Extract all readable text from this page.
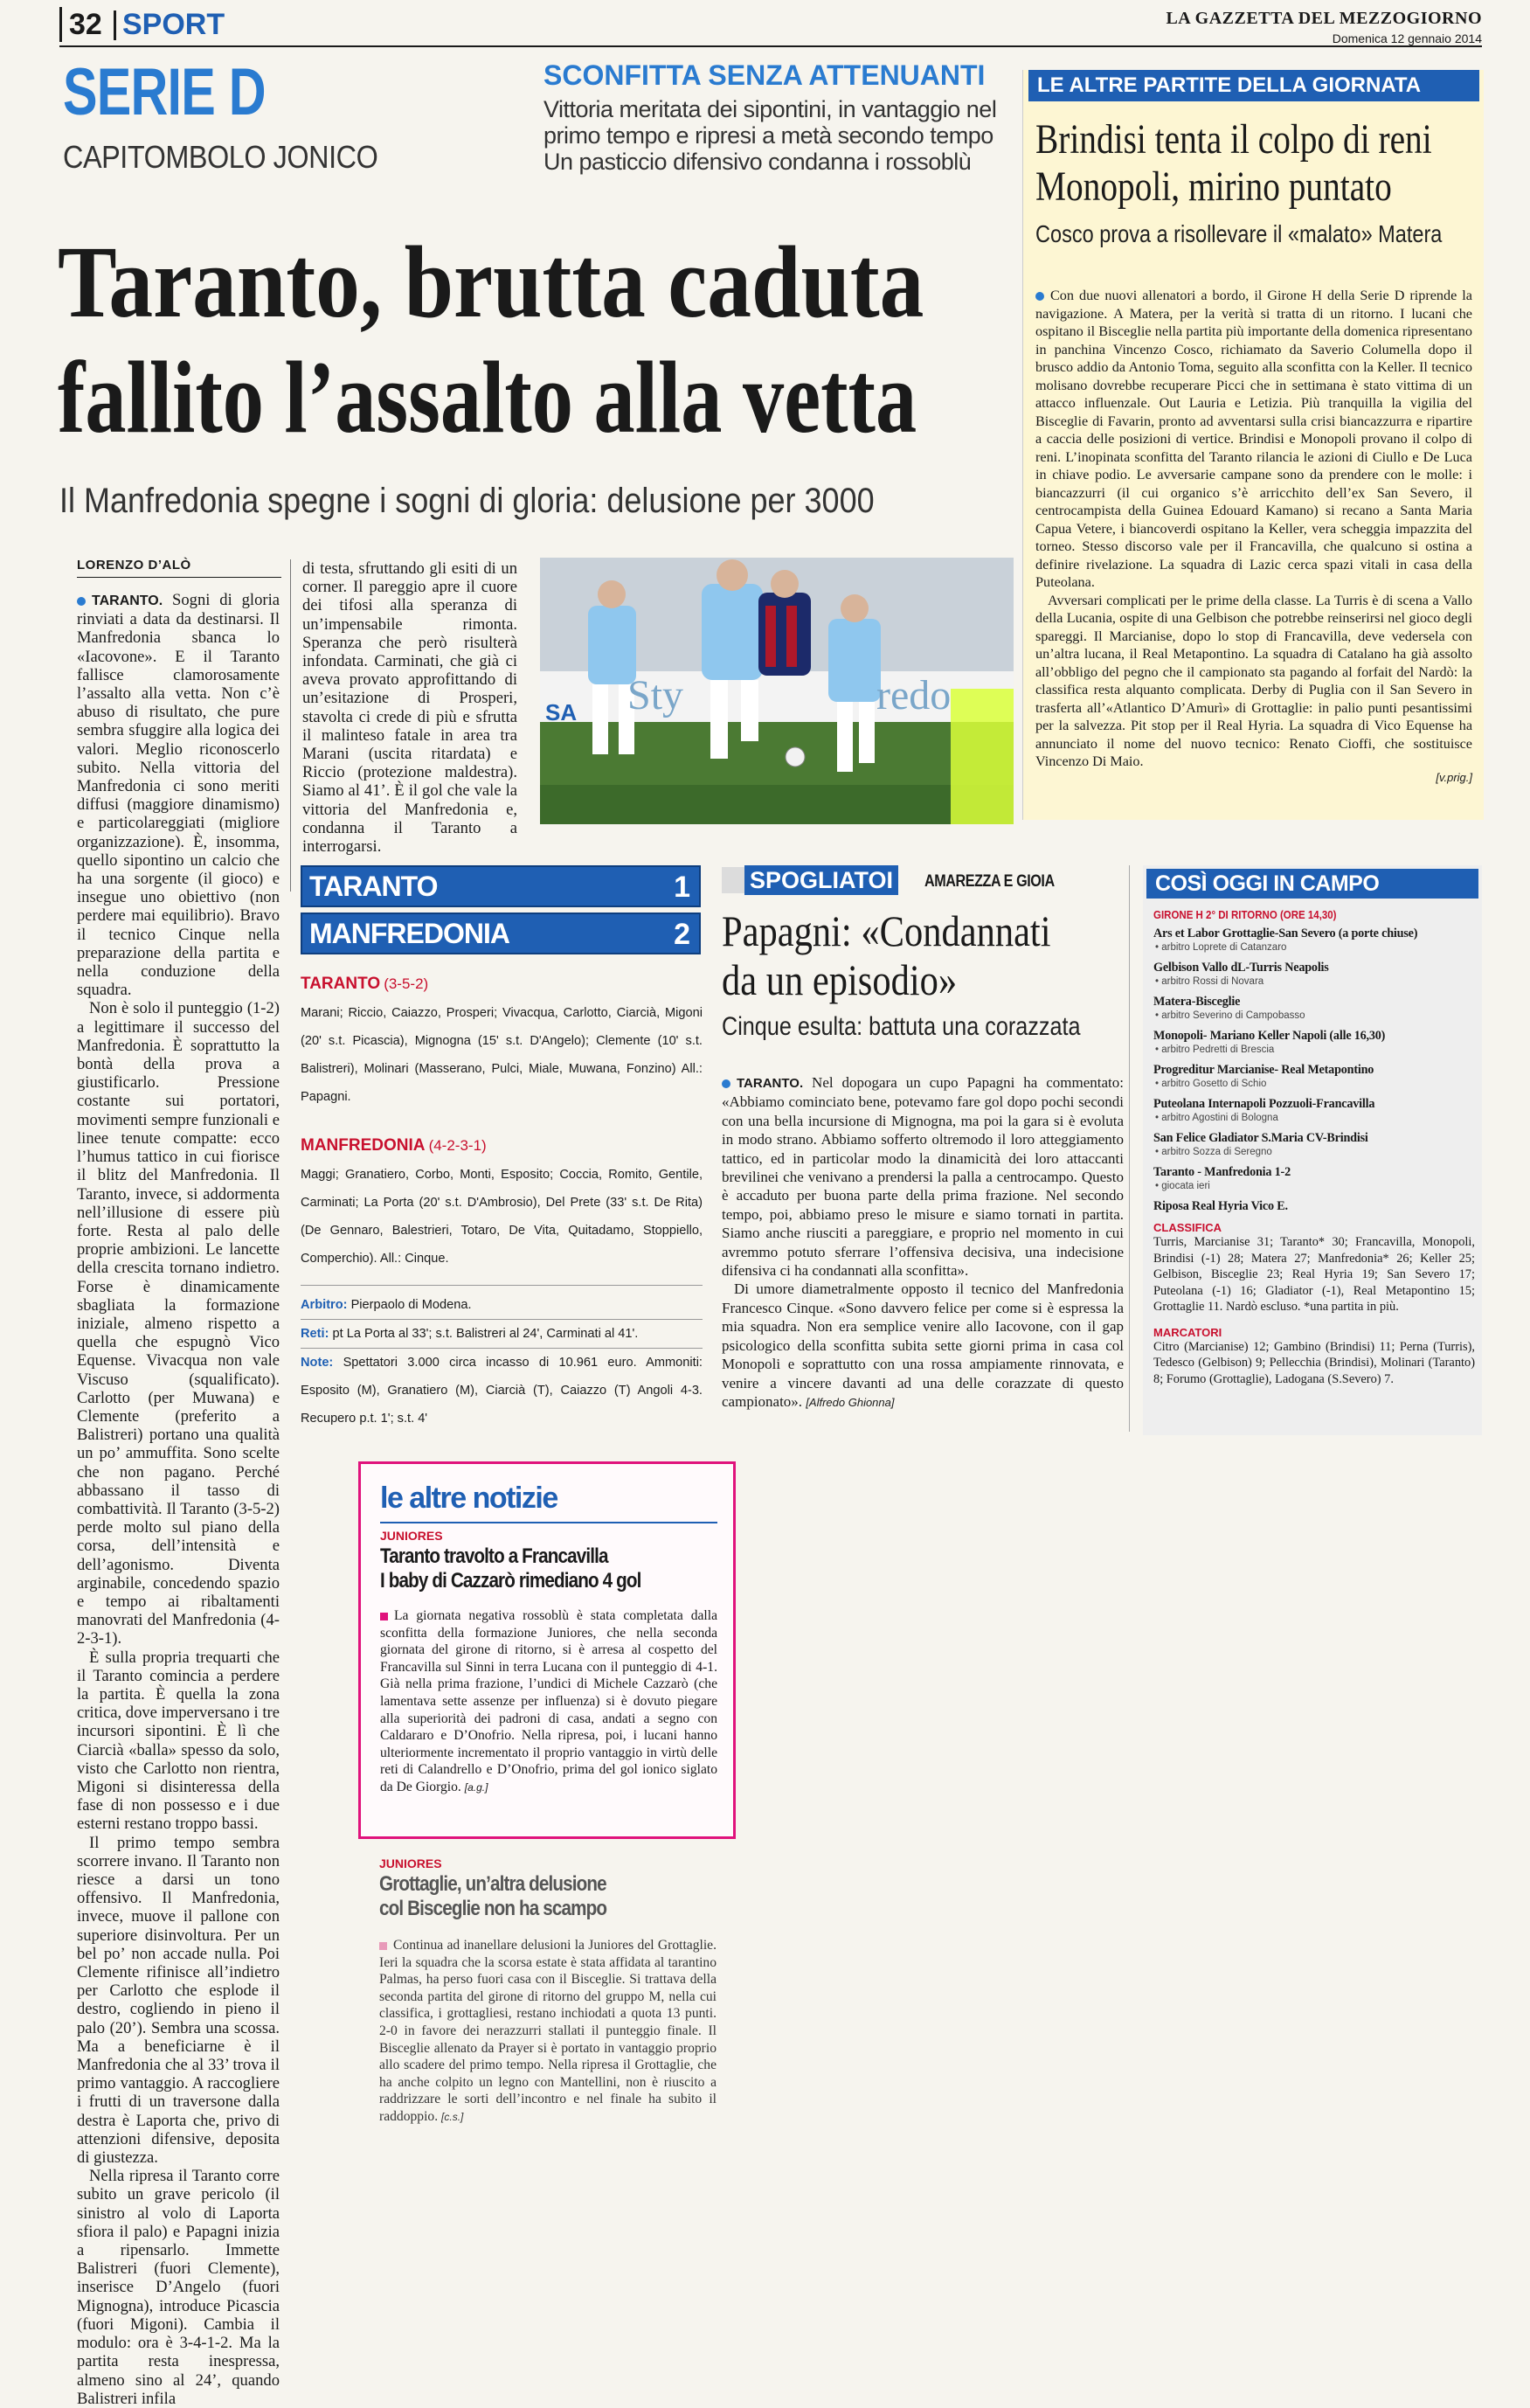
32 SPORT	LA GAZZETTA DEL MEZZOGIORNO
Domenica 12 gennaio 2014
SERIE D
CAPITOMBOLO JONICO
SCONFITTA SENZA ATTENUANTI
Vittoria meritata dei sipontini, in vantaggio nel
primo tempo e ripresi a metà secondo tempo
Un pasticcio difensivo condanna i rossoblù
Taranto, brutta caduta
fallito l’assalto alla vetta
Il Manfredonia spegne i sogni di gloria: delusione per 3000
LORENZO D’ALÒ

TARANTO. Sogni di gloria rinviati a data da destinarsi. Il Manfredonia sbanca lo «Iacovone». E il Taranto fallisce clamorosamente l’assalto alla vetta. Non c’è abuso di risultato, che pure sembra sfuggire alla logica dei valori. Meglio riconoscerlo subito. Nella vittoria del Manfredonia ci sono meriti diffusi (maggiore dinamismo) e particolareggiati (migliore organizzazione). È, insomma, quello sipontino un calcio che ha una sorgente (il gioco) e insegue uno obiettivo (non perdere mai equilibrio). Bravo il tecnico Cinque nella preparazione della partita e nella conduzione della squadra.

Non è solo il punteggio (1-2) a legittimare il successo del Manfredonia. È soprattutto la bontà della prova a giustificarlo. Pressione costante sui portatori, movimenti sempre funzionali e linee tenute compatte: ecco l’humus tattico in cui fiorisce il blitz del Manfredonia. Il Taranto, invece, si addormenta nell’illusione di essere più forte. Resta al palo delle proprie ambizioni. Le lancette della crescita tornano indietro. Forse è dinamicamente sbagliata la formazione iniziale, almeno rispetto a quella che espugnò Vico Equense. Vivacqua non vale Viscuso (squalificato). Carlotto (per Muwana) e Clemente (preferito a Balistreri) portano una qualità un po’ ammuffita. Sono scelte che non pagano. Perché abbassano il tasso di combattività. Il Taranto (3-5-2) perde molto sul piano della corsa, dell’intensità e dell’agonismo. Diventa arginabile, concedendo spazio e tempo ai ribaltamenti manovrati del Manfredonia (4-2-3-1).

È sulla propria trequarti che il Taranto comincia a perdere la partita. È quella la zona critica, dove imperversano i tre incursori sipontini. È lì che Ciarcià «balla» spesso da solo, visto che Carlotto non rientra, Migoni si disinteressa della fase di non possesso e i due esterni restano troppo bassi.

Il primo tempo sembra scorrere invano. Il Taranto non riesce a darsi un tono offensivo. Il Manfredonia, invece, muove il pallone con superiore disinvoltura. Per un bel po’ non accade nulla. Poi Clemente rifinisce all’indietro per Carlotto che esplode il destro, cogliendo in pieno il palo (20’). Sembra una scossa. Ma a beneficiarne è il Manfredonia che al 33’ trova il primo vantaggio. A raccogliere i frutti di un traversone dalla destra è Laporta che, privo di attenzioni difensive, deposita di giustezza.

Nella ripresa il Taranto corre subito un grave pericolo (il sinistro al volo di Laporta sfiora il palo) e Papagni inizia a ripensarlo. Immette Balistreri (fuori Clemente), inserisce D’Angelo (fuori Mignogna), introduce Picascia (fuori Migoni). Cambia il modulo: ora è 3-4-1-2. Ma la partita resta inespressa, almeno sino al 24’, quando Balistreri infila

di testa, sfruttando gli esiti di un corner. Il pareggio apre il cuore dei tifosi alla speranza di un’impensabile rimonta. Speranza che però risulterà infondata. Carminati, che già ci aveva provato approfittando di un’esitazione di Prosperi, stavolta ci crede di più e sfrutta il malinteso fatale in area tra Marani (uscita ritardata) e Riccio (protezione maldestra). Siamo al 41’. È il gol che vale la vittoria del Manfredonia e, condanna il Taranto a interrogarsi.

SA Sty	redo
LE ALTRE PARTITE DELLA GIORNATA
Brindisi tenta il colpo di reni
Monopoli, mirino puntato
Cosco prova a risollevare il «malato» Matera

Con due nuovi allenatori a bordo, il Girone H della Serie D riprende la navigazione. A Matera, per la verità si tratta di un ritorno. I lucani che ospitano il Bisceglie nella partita più importante della domenica ripresentano in panchina Vincenzo Cosco, richiamato da Saverio Columella dopo il brusco addio da Antonio Toma, seguito alla sconfitta con la Keller. Il tecnico molisano dovrebbe recuperare Picci che in settimana è stato vittima di un attacco influenzale. Out Lauria e Letizia. Più tranquilla la vigilia del Bisceglie di Favarin, pronto ad avventarsi sulla crisi biancazzurra e ripartire a caccia delle posizioni di vertice. Brindisi e Monopoli provano il colpo di reni. L’inopinata sconfitta del Taranto rilancia le azioni di Ciullo e De Luca in chiave podio. Le avversarie campane sono da prendere con le molle: i biancazzurri (il cui organico s’è arricchito dell’ex San Severo, il centrocampista della Guinea Edouard Kamano) si recano a Santa Maria Capua Vetere, i biancoverdi ospitano la Keller, vera scheggia impazzita del torneo. Stesso discorso vale per il Francavilla, che qualcuno si ostina a definire rivelazione. La squadra di Lazic cerca spazi vitali in casa della Puteolana.

Avversari complicati per le prime della classe. La Turris è di scena a Vallo della Lucania, ospite di una Gelbison che potrebbe reinserirsi nel gioco degli spareggi. Il Marcianise, dopo lo stop di Francavilla, deve vedersela con un’altra lucana, il Real Metapontino. La squadra di Catalano ha già assolto all’obbligo del pegno che il campionato sta pagando al forfait del Nardò: la classifica resta alquanto complicata. Derby di Puglia con il San Severo in trasferta all’«Atlantico D’Amurì» di Grottaglie: in palio punti pesantissimi per la salvezza. Pit stop per il Real Hyria. La squadra di Vico Equense ha annunciato il nome del nuovo tecnico: Renato Cioffi, che sostituisce Vincenzo Di Maio.

[v.prig.]
TARANTO	1
MANFREDONIA	2
TARANTO (3-5-2)
Marani; Riccio, Caiazzo, Prosperi; Vivacqua, Carlotto, Ciarcià, Migoni (20' s.t. Picascia), Mignogna (15' s.t. D'Angelo); Clemente (10' s.t. Balistreri), Molinari (Masserano, Pulci, Miale, Muwana, Fonzino) All.: Papagni.
MANFREDONIA (4-2-3-1)
Maggi; Granatiero, Corbo, Monti, Esposito; Coccia, Romito, Gentile, Carminati; La Porta (20' s.t. D'Ambrosio), Del Prete (33' s.t. De Rita) (De Gennaro, Balestrieri, Totaro, De Vita, Quitadamo, Stoppiello, Comperchio). All.: Cinque.
Arbitro: Pierpaolo di Modena.
Reti: pt La Porta al 33'; s.t. Balistreri al 24', Carminati al 41'.
Note: Spettatori 3.000 circa incasso di 10.961 euro. Ammoniti: Esposito (M), Granatiero (M), Ciarcià (T), Caiazzo (T) Angoli 4-3. Recupero p.t. 1'; s.t. 4'
SPOGLIATOI	AMAREZZA E GIOIA
Papagni: «Condannati
da un episodio»
Cinque esulta: battuta una corazzata

TARANTO. Nel dopogara un cupo Papagni ha commentato: «Abbiamo cominciato bene, potevamo fare gol dopo pochi secondi con una bella incursione di Mignogna, ma poi la gara si è evoluta in modo strano. Abbiamo sofferto oltremodo il loro atteggiamento tattico, ed in particolar modo la dinamicità dei loro attaccanti brevilinei che venivano a prendersi la palla a centrocampo. Questo è accaduto per buona parte della prima frazione. Nel secondo tempo, poi, abbiamo preso le misure e siamo tornati in partita. Siamo anche riusciti a pareggiare, e proprio nel momento in cui avremmo potuto sferrare l’offensiva decisiva, una indecisione difensiva ci ha condannati alla sconfitta».

Di umore diametralmente opposto il tecnico del Manfredonia Francesco Cinque. «Sono davvero felice per come si è espressa la mia squadra. Non era semplice venire allo Iacovone, con il gap psicologico della sconfitta subita sette giorni prima in casa col Monopoli e soprattutto con una rossa ampiamente rinnovata, e venire a vincere davanti ad una delle corazzate di questo campionato». [Alfredo Ghionna]

COSÌ OGGI IN CAMPO
GIRONE H 2° DI RITORNO (ORE 14,30)
Ars et Labor Grottaglie-San Severo (a porte chiuse)
• arbitro Loprete di Catanzaro
Gelbison Vallo dL-Turris Neapolis
• arbitro Rossi di Novara
Matera-Bisceglie
• arbitro Severino di Campobasso
Monopoli- Mariano Keller Napoli (alle 16,30)
• arbitro Pedretti di Brescia
Progreditur Marcianise- Real Metapontino
• arbitro Gosetto di Schio
Puteolana Internapoli Pozzuoli-Francavilla
• arbitro Agostini di Bologna
San Felice Gladiator S.Maria CV-Brindisi
• arbitro Sozza di Seregno
Taranto - Manfredonia 1-2
• giocata ieri
Riposa Real Hyria Vico E.
CLASSIFICA
Turris, Marcianise 31; Taranto* 30; Francavilla, Monopoli, Brindisi (-1) 28; Matera 27; Manfredonia* 26; Keller 25; Gelbison, Bisceglie 23; Real Hyria 19; San Severo 17; Puteolana (-1) 16; Gladiator (-1), Real Metapontino 15; Grottaglie 11. Nardò escluso. *una partita in più.
MARCATORI
Citro (Marcianise) 12; Gambino (Brindisi) 11; Perna (Turris), Tedesco (Gelbison) 9; Pellecchia (Brindisi), Molinari (Taranto) 8; Forumo (Grottaglie), Ladogana (S.Severo) 7.
le altre notizie
JUNIORES
Taranto travolto a Francavilla
I baby di Cazzarò rimediano 4 gol

La giornata negativa rossoblù è stata completata dalla sconfitta della formazione Juniores, che nella seconda giornata del girone di ritorno, si è arresa al cospetto del Francavilla sul Sinni in terra Lucana con il punteggio di 4-1. Già nella prima frazione, l’undici di Michele Cazzarò (che lamentava sette assenze per influenza) si è dovuto piegare alla superiorità dei padroni di casa, andati a segno con Caldararo e D’Onofrio. Nella ripresa, poi, i lucani hanno ulteriormente incrementato il proprio vantaggio in virtù delle reti di Calandrello e D’Onofrio, prima del gol ionico siglato da De Giorgio. [a.g.]

JUNIORES
Grottaglie, un’altra delusione
col Bisceglie non ha scampo

Continua ad inanellare delusioni la Juniores del Grottaglie. Ieri la squadra che la scorsa estate è stata affidata al tarantino Palmas, ha perso fuori casa con il Bisceglie. Si trattava della seconda partita del girone di ritorno del gruppo M, nella cui classifica, i grottagliesi, restano inchiodati a quota 13 punti. 2-0 in favore dei nerazzurri stallati il punteggio finale. Il Bisceglie allenato da Prayer si è portato in vantaggio proprio allo scadere del primo tempo. Nella ripresa il Grottaglie, che ha anche colpito un legno con Mantellini, non è riuscito a raddrizzare le sorti dell’incontro e nel finale ha subito il raddoppio. [c.s.]
